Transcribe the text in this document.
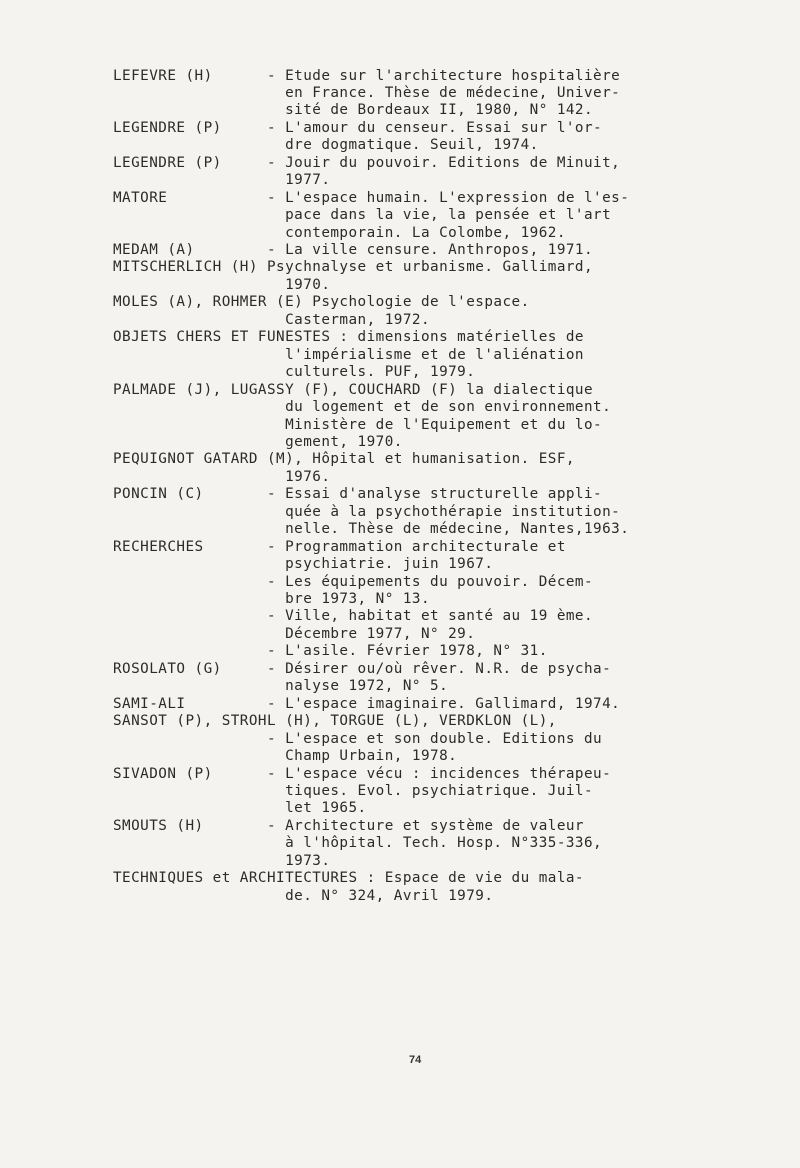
LEFEVRE (H)      - Etude sur l'architecture hospitalière
en France. Thèse de médecine, Univer-
sité de Bordeaux II, 1980, N° 142.
LEGENDRE (P)     - L'amour du censeur. Essai sur l'or-
dre dogmatique. Seuil, 1974.
LEGENDRE (P)     - Jouir du pouvoir. Editions de Minuit,
1977.
MATORE           - L'espace humain. L'expression de l'es-
pace dans la vie, la pensée et l'art
contemporain. La Colombe, 1962.
MEDAM (A)        - La ville censure. Anthropos, 1971.
MITSCHERLICH (H) Psychnalyse et urbanisme. Gallimard,
1970.
MOLES (A), ROHMER (E) Psychologie de l'espace.
Casterman, 1972.
OBJETS CHERS ET FUNESTES : dimensions matérielles de
l'impérialisme et de l'aliénation
culturels. PUF, 1979.
PALMADE (J), LUGASSY (F), COUCHARD (F) la dialectique
du logement et de son environnement.
Ministère de l'Equipement et du lo-
gement, 1970.
PEQUIGNOT GATARD (M), Hôpital et humanisation. ESF,
1976.
PONCIN (C)       - Essai d'analyse structurelle appli-
quée à la psychothérapie institution-
nelle. Thèse de médecine, Nantes,1963.
RECHERCHES       - Programmation architecturale et
psychiatrie. juin 1967.
- Les équipements du pouvoir. Décem-
bre 1973, N° 13.
- Ville, habitat et santé au 19 ème.
Décembre 1977, N° 29.
- L'asile. Février 1978, N° 31.
ROSOLATO (G)     - Désirer ou/où rêver. N.R. de psycha-
nalyse 1972, N° 5.
SAMI-ALI         - L'espace imaginaire. Gallimard, 1974.
SANSOT (P), STROHL (H), TORGUE (L), VERDKLON (L),
- L'espace et son double. Editions du
Champ Urbain, 1978.
SIVADON (P)      - L'espace vécu : incidences thérapeu-
tiques. Evol. psychiatrique. Juil-
let 1965.
SMOUTS (H)       - Architecture et système de valeur
à l'hôpital. Tech. Hosp. N°335-336,
1973.
TECHNIQUES et ARCHITECTURES : Espace de vie du mala-
de. N° 324, Avril 1979.
74
